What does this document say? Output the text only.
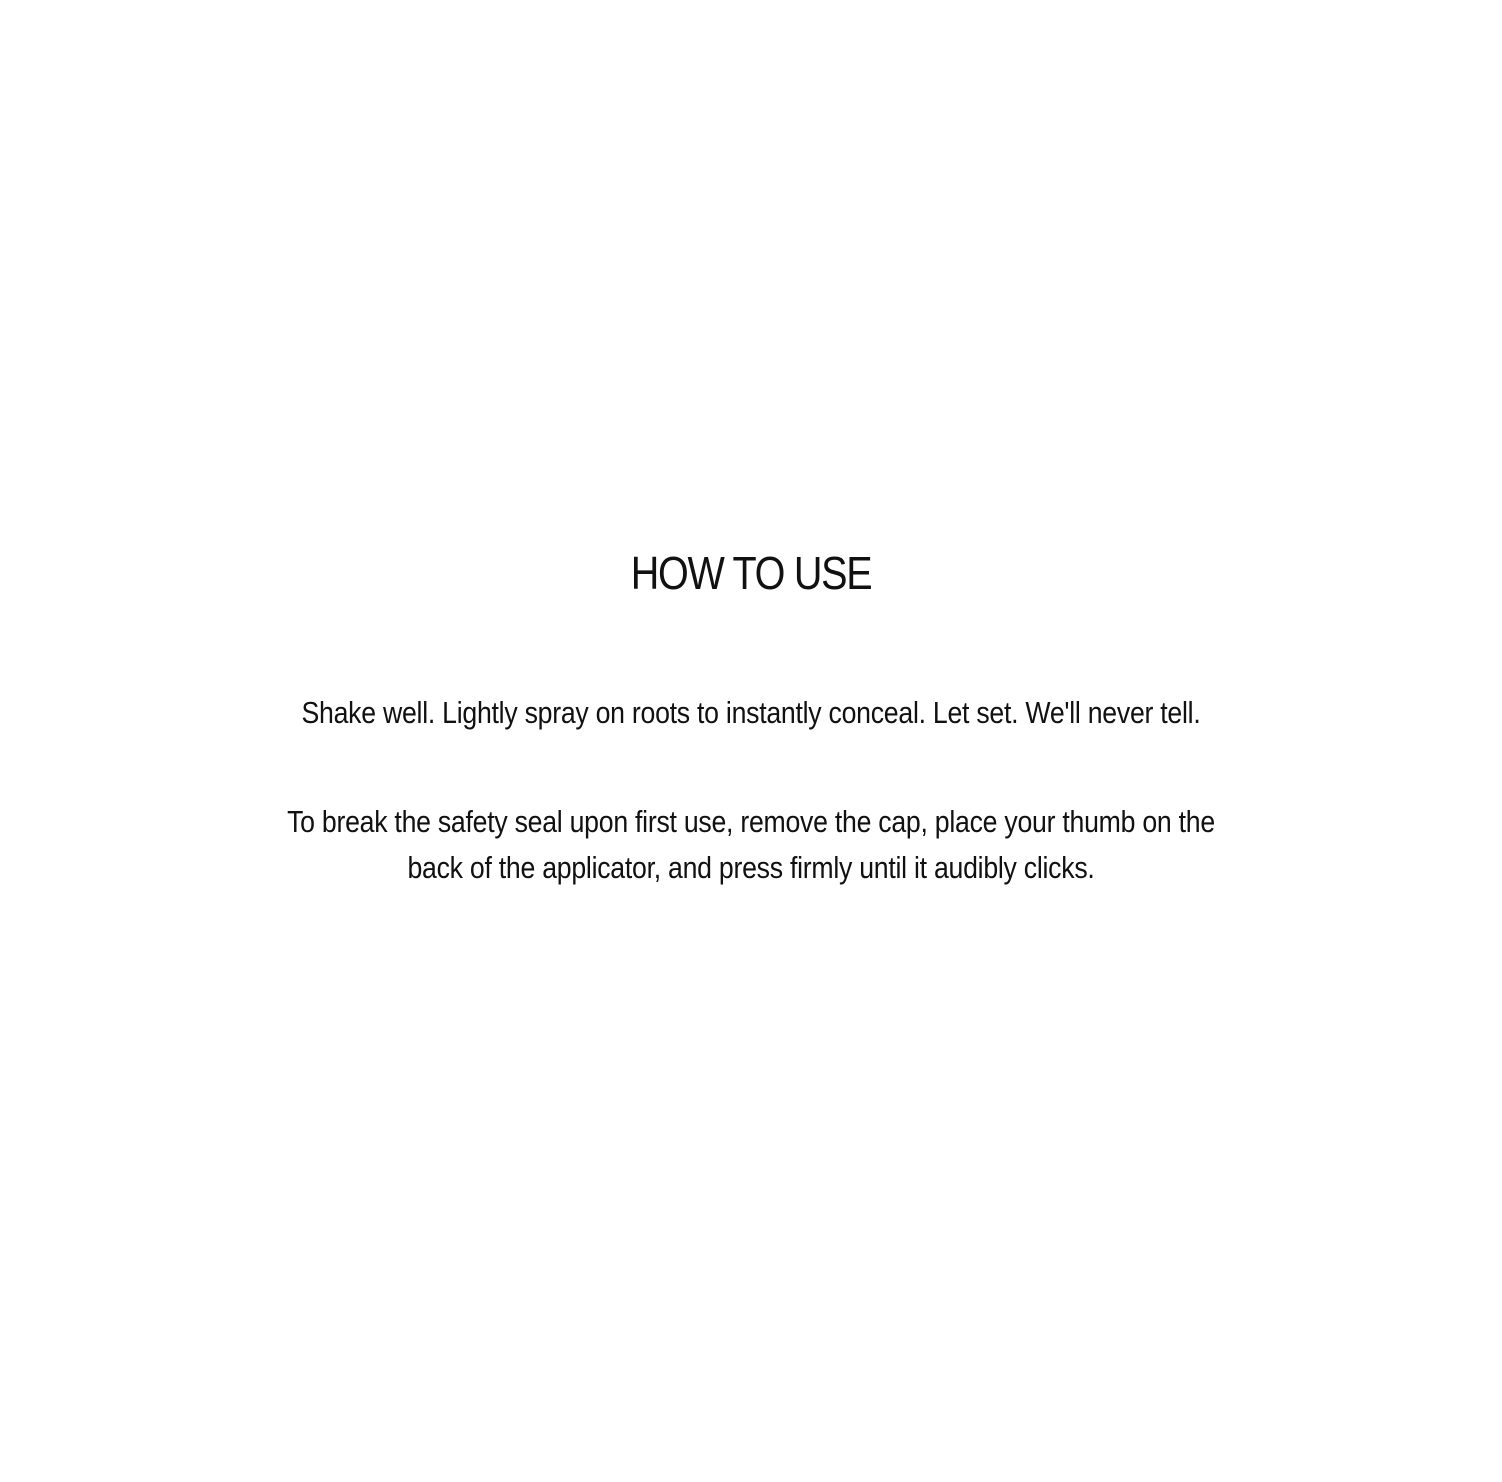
HOW TO USE

Shake well. Lightly spray on roots to instantly conceal. Let set. We'll never tell.

To break the safety seal upon first use, remove the cap, place your thumb on the
back of the applicator, and press firmly until it audibly clicks.
